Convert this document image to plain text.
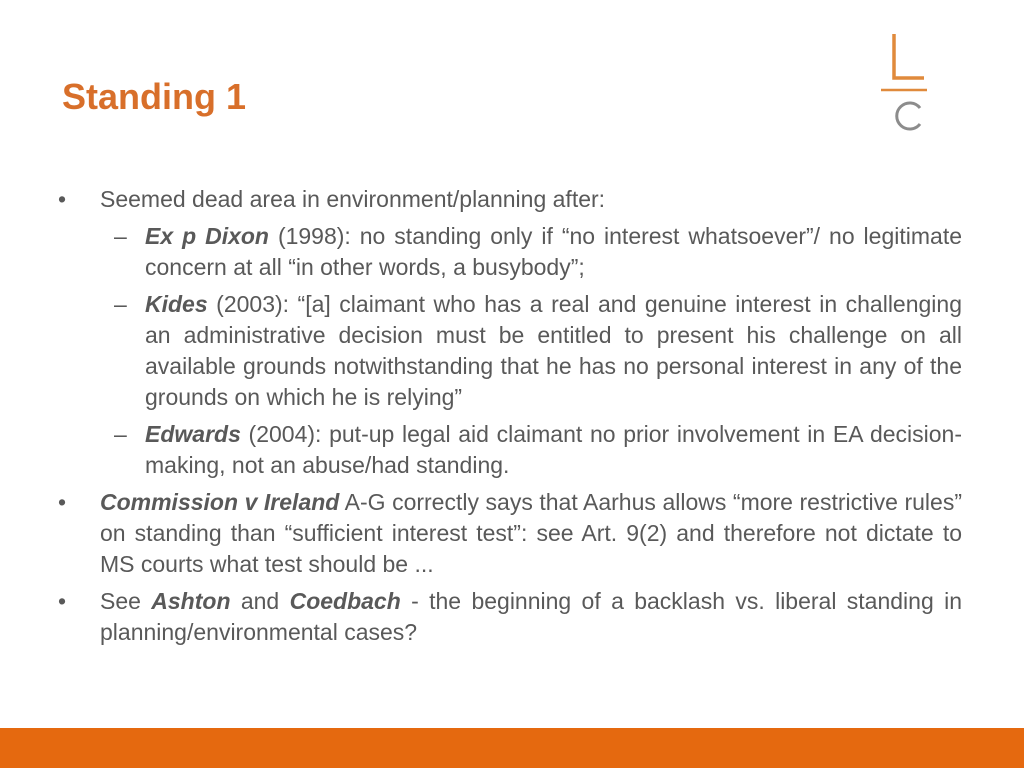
Standing 1
• Seemed dead area in environment/planning after:
– Ex p Dixon (1998): no standing only if “no interest whatsoever”/ no legitimate concern at all “in other words, a busybody”;
– Kides (2003): “[a] claimant who has a real and genuine interest in challenging an administrative decision must be entitled to present his challenge on all available grounds notwithstanding that he has no personal interest in any of the grounds on which he is relying”
– Edwards (2004): put-up legal aid claimant no prior involvement in EA decision-making, not an abuse/had standing.
• Commission v Ireland A-G correctly says that Aarhus allows “more restrictive rules” on standing than “sufficient interest test”: see Art. 9(2) and therefore not dictate to MS courts what test should be ...
• See Ashton and Coedbach - the beginning of a backlash vs. liberal standing in planning/environmental cases?
